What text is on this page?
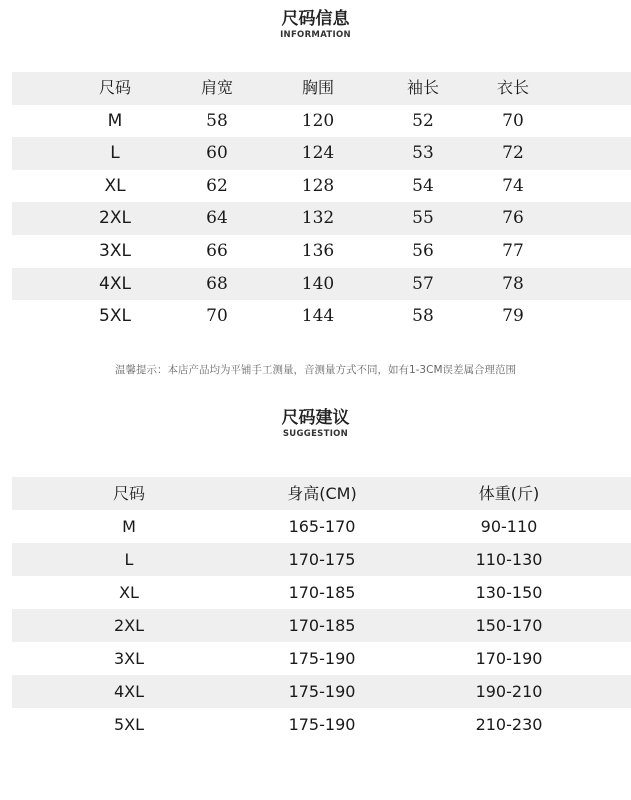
尺码信息
INFORMATION
尺码	肩宽	胸围	袖长	衣长
M	58	120	52	70
L	60	124	53	72
XL	62	128	54	74
2XL	64	132	55	76
3XL	66	136	56	77
4XL	68	140	57	78
5XL	70	144	58	79
温馨提示：本店产品均为平铺手工测量，音测量方式不同，如有1-3CM误差属合理范围
尺码建议
SUGGESTION
尺码	身高(CM)	体重(斤)
M	165-170	90-110
L	170-175	110-130
XL	170-185	130-150
2XL	170-185	150-170
3XL	175-190	170-190
4XL	175-190	190-210
5XL	175-190	210-230
